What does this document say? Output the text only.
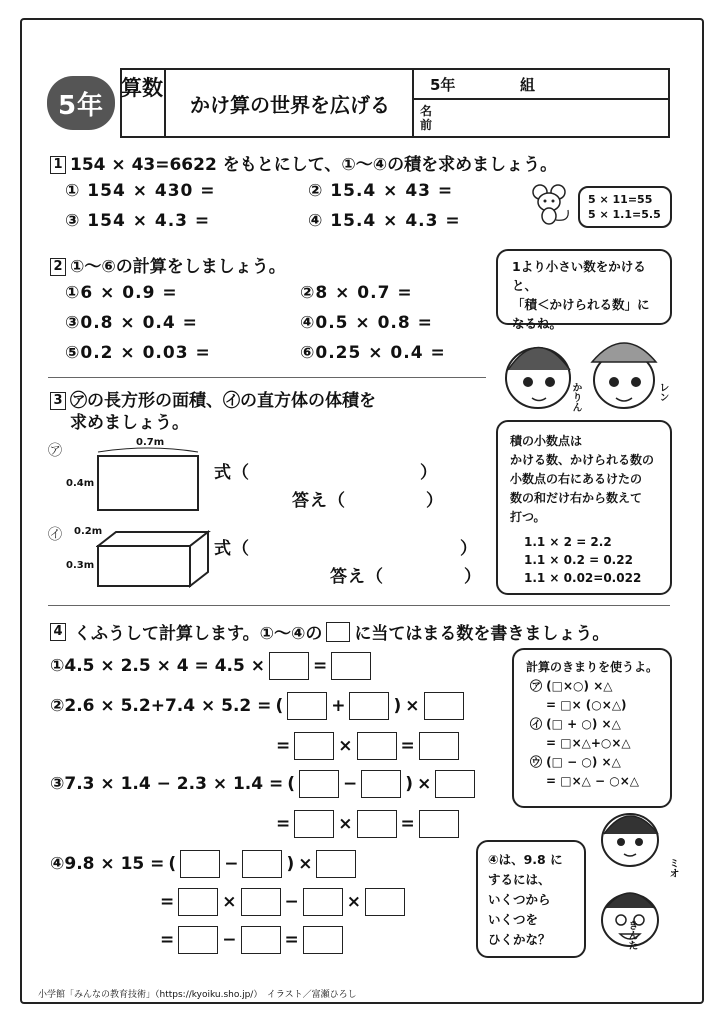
5年
算数
かけ算の世界を広げる
5年	組
名
前
1 154 × 43=6622 をもとにして、①〜④の積を求めましょう。
① 154 × 430 =	② 15.4 × 43 =
③ 154 × 4.3 =	④ 15.4 × 4.3 =
5 × 11=55
5 × 1.1=5.5
2 ①〜⑥の計算をしましょう。
①6 × 0.9 =	②8 × 0.7 =
③0.8 × 0.4 =	④0.5 × 0.8 =
⑤0.2 × 0.03 =	⑥0.25 × 0.4 =
1より小さい数をかけると、
「積＜かけられる数」に
なるね。
かりん	レン
3 ㋐の長方形の面積、㋑の直方体の体積を
求めましょう。
㋐
0.7m
0.4m
式（	）
答え（	）
㋑ 0.2m
0.3m
式（	）
答え（	）
積の小数点は
かける数、かけられる数の
小数点の右にあるけたの
数の和だけ右から数えて
打つ。
1.1 × 2 = 2.2
1.1 × 0.2 = 0.22
1.1 × 0.02=0.022
4 くふうして計算します。①〜④の に当てはまる数を書きましょう。
①4.5 × 2.5 × 4 = 4.5 ×	=
②2.6 × 5.2+7.4 × 5.2 = (	+	) ×
=	×	=
③7.3 × 1.4 − 2.3 × 1.4 = (	−	) ×
=	×	=
④9.8 × 15 = (	−	) ×
=	×	−	×
=	−	=
計算のきまりを使うよ。
㋐ (□×○) ×△
= □× (○×△)
㋑ (□ + ○) ×△
= □×△+○×△
㋒ (□ − ○) ×△
= □×△ − ○×△
ミオ
きんた
④は、9.8 に
するには、
いくつから
いくつを
ひくかな？
小学館「みんなの教育技術」（https://kyoiku.sho.jp/）　イラスト／富瀬ひろし
